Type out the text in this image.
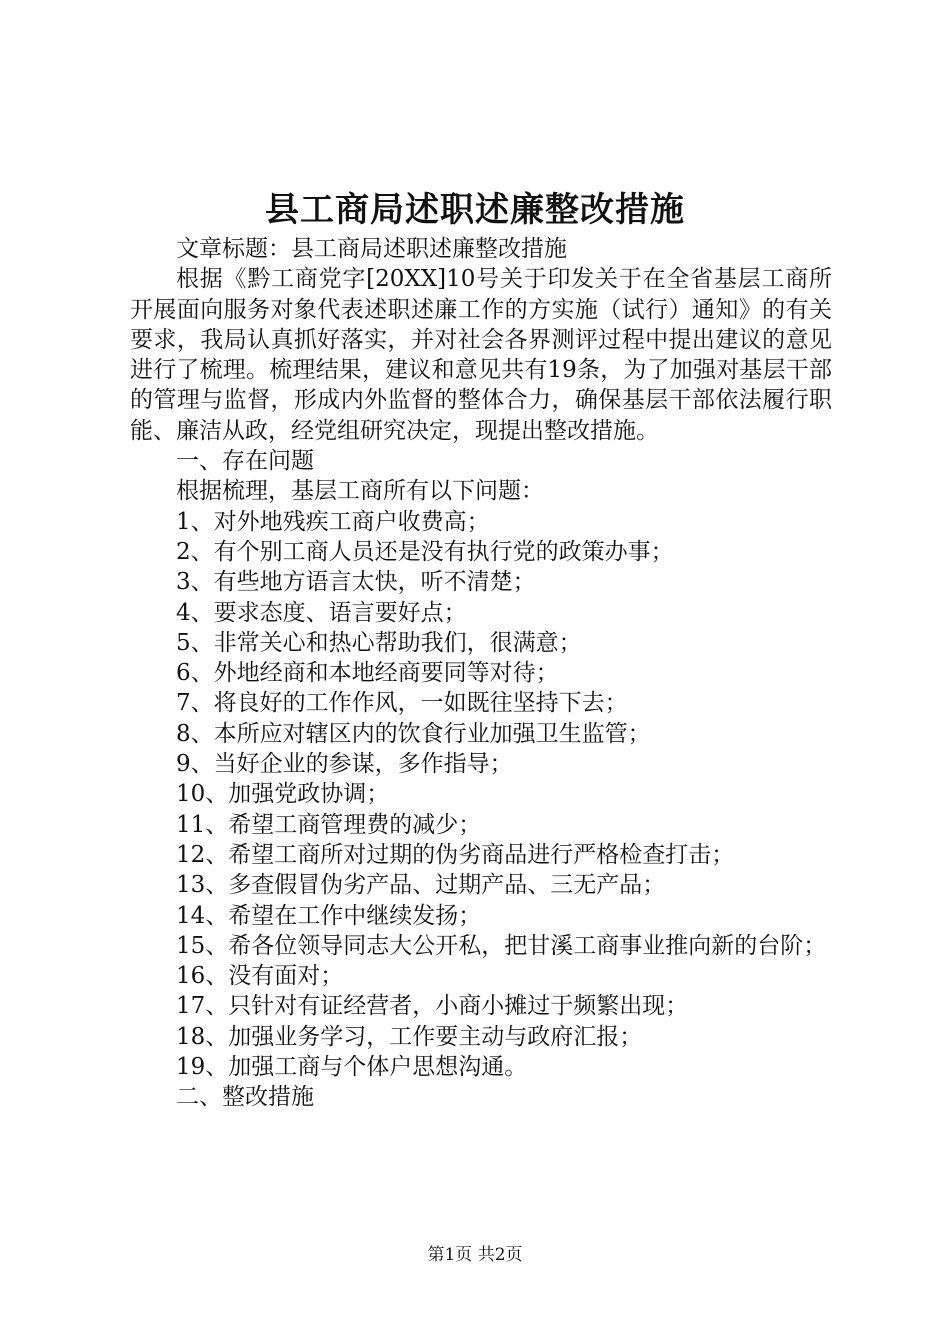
县工商局述职述廉整改措施

文章标题：县工商局述职述廉整改措施

根据《黔工商党字[20XX]10号关于印发关于在全省基层工商所开展面向服务对象代表述职述廉工作的方实施（试行）通知》的有关要求，我局认真抓好落实，并对社会各界测评过程中提出建议的意见进行了梳理。梳理结果，建议和意见共有19条，为了加强对基层干部的管理与监督，形成内外监督的整体合力，确保基层干部依法履行职能、廉洁从政，经党组研究决定，现提出整改措施。

一、存在问题

根据梳理，基层工商所有以下问题：

1、对外地残疾工商户收费高；

2、有个别工商人员还是没有执行党的政策办事；

3、有些地方语言太快，听不清楚；

4、要求态度、语言要好点；

5、非常关心和热心帮助我们，很满意；

6、外地经商和本地经商要同等对待；

7、将良好的工作作风，一如既往坚持下去；

8、本所应对辖区内的饮食行业加强卫生监管；

9、当好企业的参谋，多作指导；

10、加强党政协调；

11、希望工商管理费的减少；

12、希望工商所对过期的伪劣商品进行严格检查打击；

13、多查假冒伪劣产品、过期产品、三无产品；

14、希望在工作中继续发扬；

15、希各位领导同志大公开私，把甘溪工商事业推向新的台阶；

16、没有面对；

17、只针对有证经营者，小商小摊过于频繁出现；

18、加强业务学习，工作要主动与政府汇报；

19、加强工商与个体户思想沟通。

二、整改措施

第1页 共2页
